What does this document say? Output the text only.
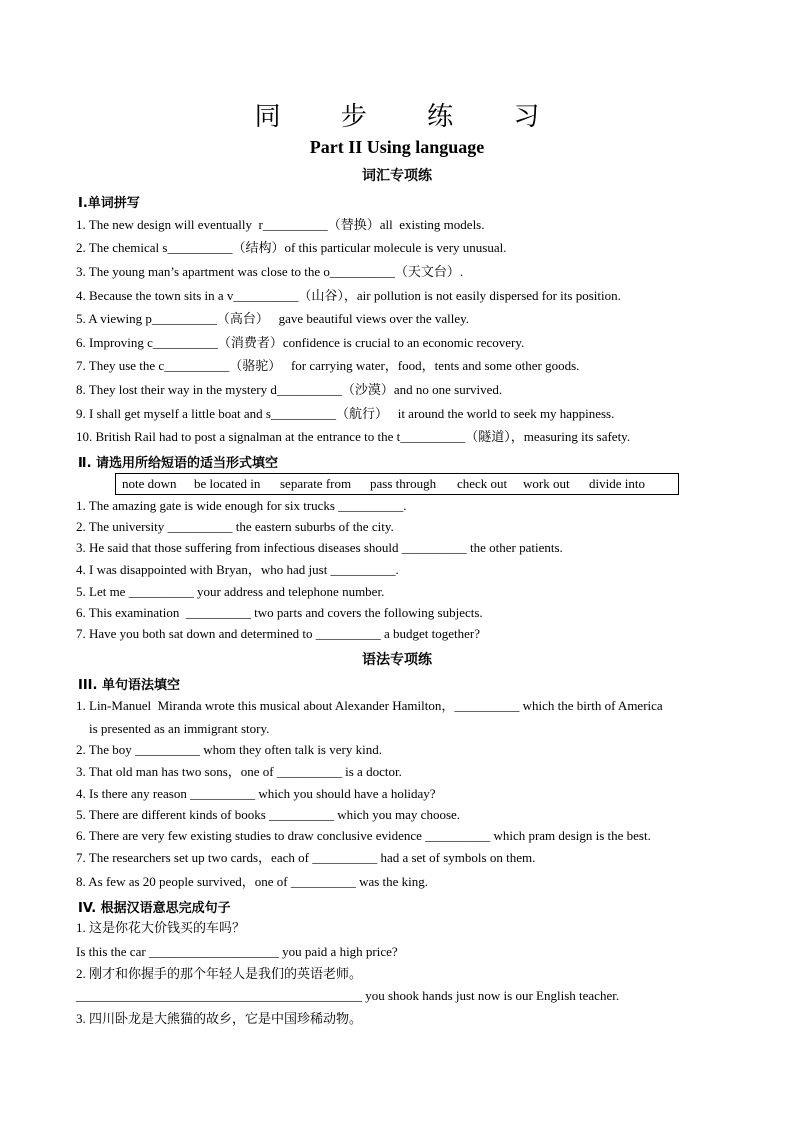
同 步 练 习
Part II Using language
词汇专项练
Ⅰ.单词拼写
1. The new design will eventually  r__________（替换）all  existing models.
2. The chemical s__________（结构）of this particular molecule is very unusual.
3. The young man’s apartment was close to the o__________（天文台）.
4. Because the town sits in a v__________（山谷），air pollution is not easily dispersed for its position.
5. A viewing p__________（高台）   gave beautiful views over the valley.
6. Improving c__________（消费者）confidence is crucial to an economic recovery.
7. They use the c__________（骆驼）   for carrying water，food，tents and some other goods.
8. They lost their way in the mystery d__________（沙漠）and no one survived.
9. I shall get myself a little boat and s__________（航行）   it around the world to seek my happiness.
10. British Rail had to post a signalman at the entrance to the t__________（隧道），measuring its safety.
Ⅱ. 请选用所给短语的适当形式填空
note down be located in separate from pass through check out work out divide into
1. The amazing gate is wide enough for six trucks __________.
2. The university __________ the eastern suburbs of the city.
3. He said that those suffering from infectious diseases should __________ the other patients.
4. I was disappointed with Bryan，who had just __________.
5. Let me __________ your address and telephone number.
6. This examination  __________ two parts and covers the following subjects.
7. Have you both sat down and determined to __________ a budget together?
语法专项练
III. 单句语法填空
1. Lin-Manuel  Miranda wrote this musical about Alexander Hamilton，__________ which the birth of America
is presented as an immigrant story.
2. The boy __________ whom they often talk is very kind.
3. That old man has two sons，one of __________ is a doctor.
4. Is there any reason __________ which you should have a holiday?
5. There are different kinds of books __________ which you may choose.
6. There are very few existing studies to draw conclusive evidence __________ which pram design is the best.
7. The researchers set up two cards，each of __________ had a set of symbols on them.
8. As few as 20 people survived，one of __________ was the king.
IV. 根据汉语意思完成句子
1. 这是你花大价钱买的车吗？
Is this the car ____________________ you paid a high price?
2. 刚才和你握手的那个年轻人是我们的英语老师。
____________________________________________ you shook hands just now is our English teacher.
3. 四川卧龙是大熊猫的故乡，它是中国珍稀动物。
